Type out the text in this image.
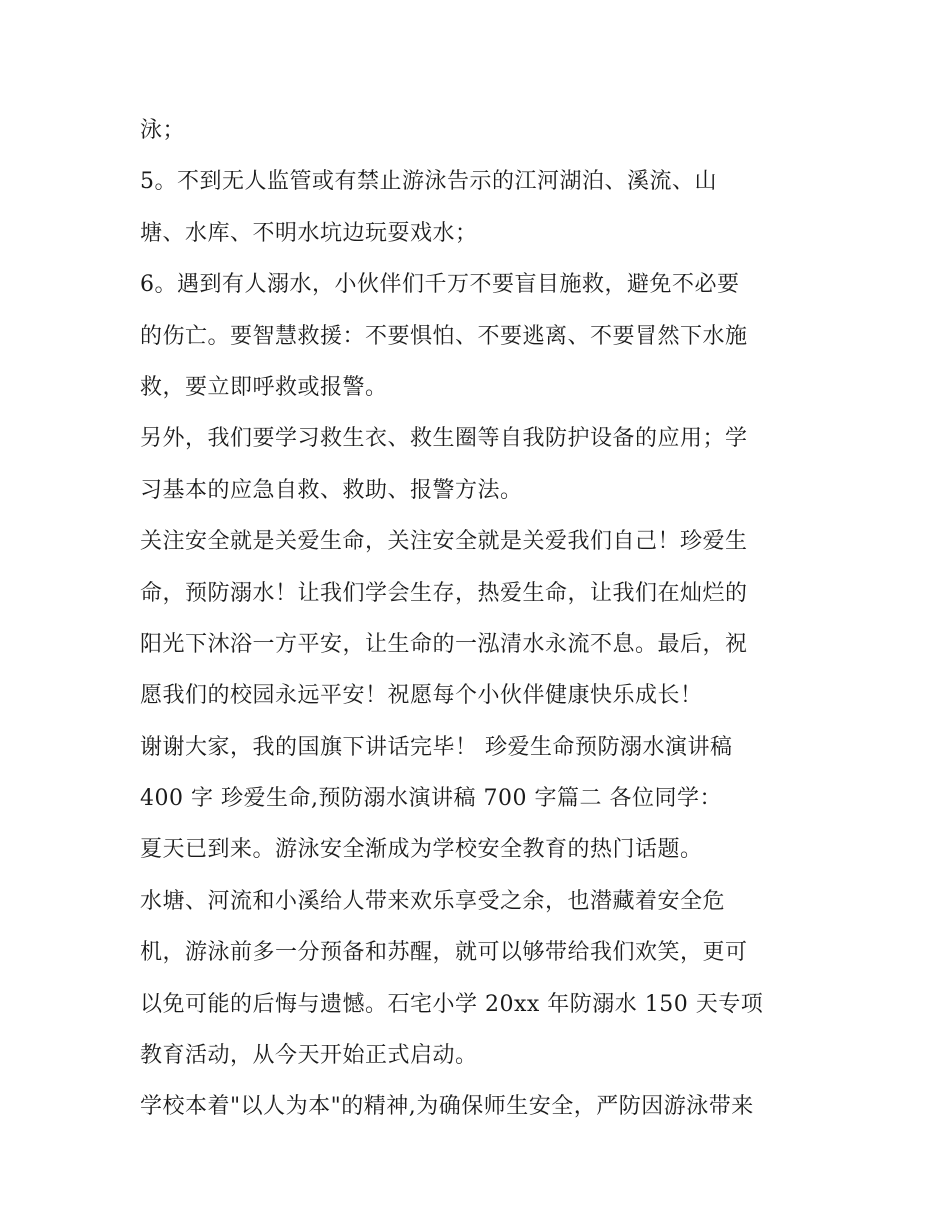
泳；
5。不到无人监管或有禁止游泳告示的江河湖泊、溪流、山
塘、水库、不明水坑边玩耍戏水；
6。遇到有人溺水，小伙伴们千万不要盲目施救，避免不必要
的伤亡。要智慧救援：不要惧怕、不要逃离、不要冒然下水施
救，要立即呼救或报警。
另外，我们要学习救生衣、救生圈等自我防护设备的应用；学
习基本的应急自救、救助、报警方法。
关注安全就是关爱生命，关注安全就是关爱我们自己！珍爱生
命，预防溺水！让我们学会生存，热爱生命，让我们在灿烂的
阳光下沐浴一方平安，让生命的一泓清水永流不息。最后，祝
愿我们的校园永远平安！祝愿每个小伙伴健康快乐成长！
谢谢大家，我的国旗下讲话完毕！ 珍爱生命预防溺水演讲稿
400 字 珍爱生命,预防溺水演讲稿 700 字篇二 各位同学：
夏天已到来。游泳安全渐成为学校安全教育的热门话题。
水塘、河流和小溪给人带来欢乐享受之余，也潜藏着安全危
机，游泳前多一分预备和苏醒，就可以够带给我们欢笑，更可
以免可能的后悔与遗憾。石宅小学 20xx 年防溺水 150 天专项
教育活动，从今天开始正式启动。
学校本着"以人为本"的精神,为确保师生安全，严防因游泳带来
